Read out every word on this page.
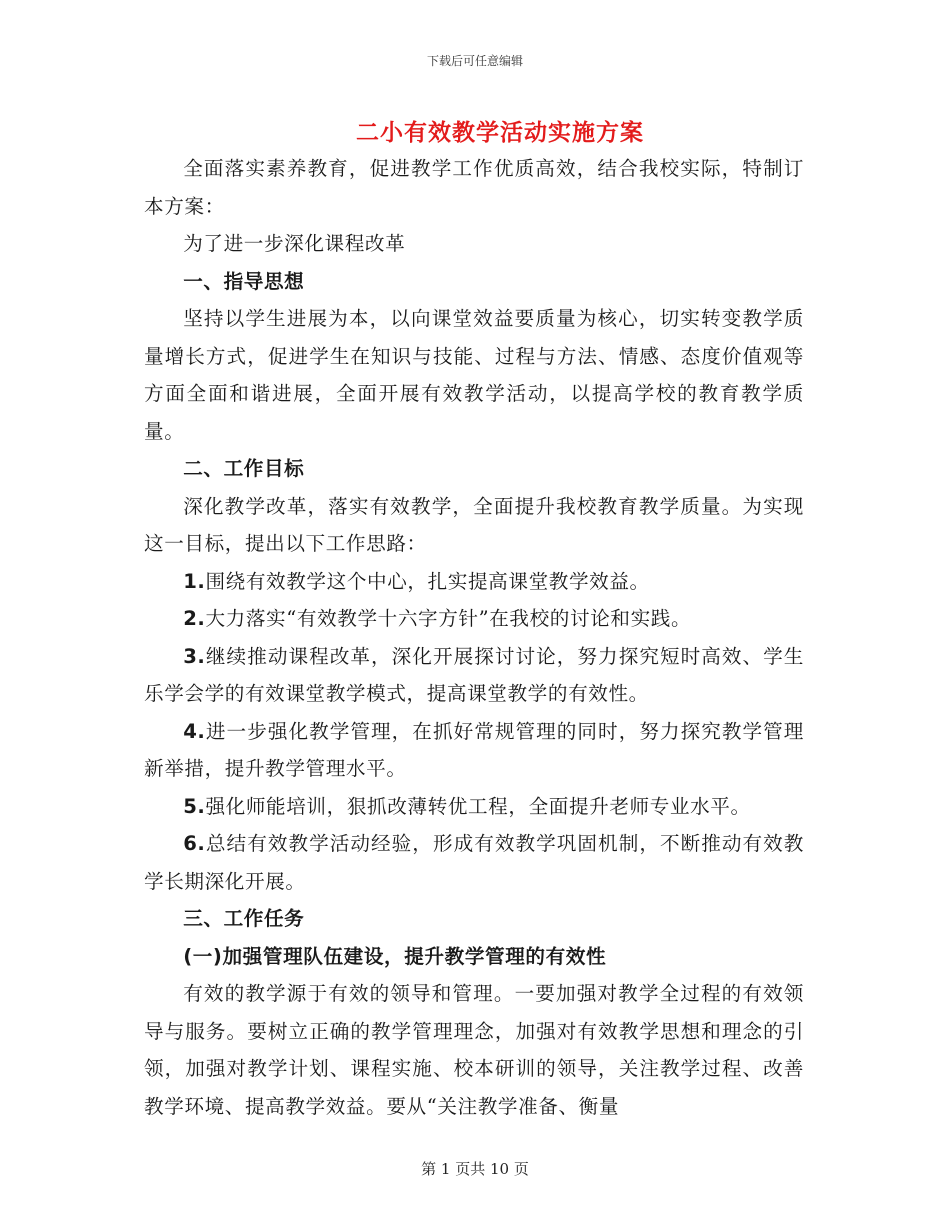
下载后可任意编辑
二小有效教学活动实施方案

全面落实素养教育，促进教学工作优质高效，结合我校实际，特制订本方案：

为了进一步深化课程改革

一、指导思想

坚持以学生进展为本，以向课堂效益要质量为核心，切实转变教学质量增长方式，促进学生在知识与技能、过程与方法、情感、态度价值观等方面全面和谐进展，全面开展有效教学活动，以提高学校的教育教学质量。

二、工作目标

深化教学改革，落实有效教学，全面提升我校教育教学质量。为实现这一目标，提出以下工作思路：

1.围绕有效教学这个中心，扎实提高课堂教学效益。

2.大力落实“有效教学十六字方针”在我校的讨论和实践。

3.继续推动课程改革，深化开展探讨讨论，努力探究短时高效、学生乐学会学的有效课堂教学模式，提高课堂教学的有效性。

4.进一步强化教学管理，在抓好常规管理的同时，努力探究教学管理新举措，提升教学管理水平。

5.强化师能培训，狠抓改薄转优工程，全面提升老师专业水平。

6.总结有效教学活动经验，形成有效教学巩固机制，不断推动有效教学长期深化开展。

三、工作任务

(一)加强管理队伍建设，提升教学管理的有效性

有效的教学源于有效的领导和管理。一要加强对教学全过程的有效领导与服务。要树立正确的教学管理理念，加强对有效教学思想和理念的引领，加强对教学计划、课程实施、校本研训的领导，关注教学过程、改善教学环境、提高教学效益。要从“关注教学准备、衡量

第 1 页共 10 页
